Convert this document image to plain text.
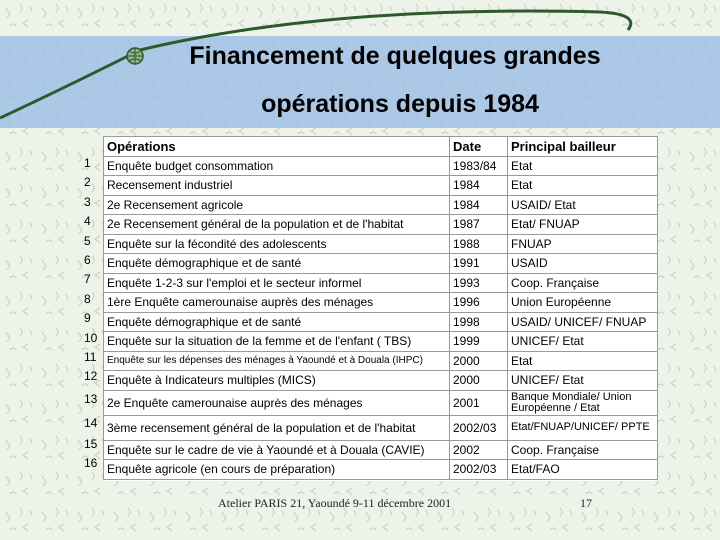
Financement de quelques grandes
opérations depuis 1984
1
2
3
4
5
6
7
8
9
10
11
12
13
14
15
16
Opérations	Date	Principal bailleur
Enquête budget consommation	1983/84	Etat
Recensement industriel	1984	Etat
2e Recensement agricole	1984	USAID/ Etat
2e Recensement général de la population et de l'habitat	1987	Etat/ FNUAP
Enquête sur la fécondité des adolescents	1988	FNUAP
Enquête démographique et de santé	1991	USAID
Enquête 1-2-3 sur l'emploi et le secteur informel	1993	Coop. Française
1ère Enquête camerounaise auprès des ménages	1996	Union Européenne
Enquête démographique et de santé	1998	USAID/ UNICEF/ FNUAP
Enquête sur la situation de la femme et de l'enfant ( TBS)	1999	UNICEF/ Etat
Enquête sur les dépenses des ménages à Yaoundé et à Douala (IHPC)	2000	Etat
Enquête à Indicateurs multiples (MICS)	2000	UNICEF/ Etat
2e Enquête camerounaise auprès des ménages	2001	Banque Mondiale/ Union Européenne / Etat
3ème recensement général de la population et de l'habitat	2002/03	Etat/FNUAP/UNICEF/ PPTE
Enquête sur le cadre de vie à Yaoundé et à Douala (CAVIE)	2002	Coop. Française
Enquête agricole (en cours de préparation)	2002/03	Etat/FAO
Atelier PARIS 21, Yaoundé 9-11 décembre 2001	17
